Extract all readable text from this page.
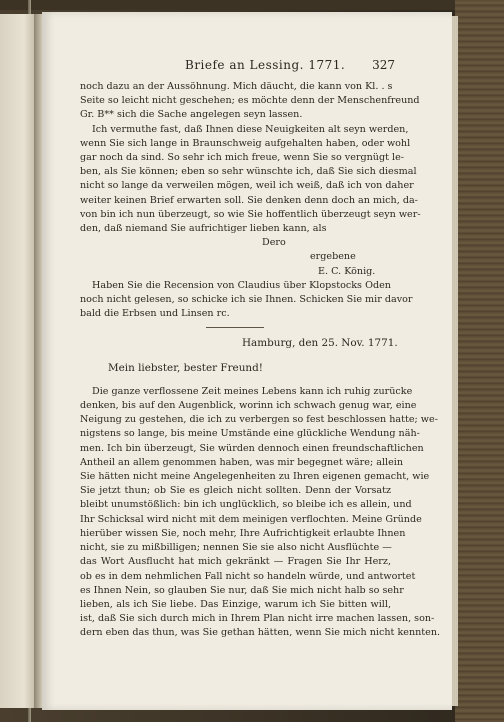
Briefe an Lessing. 1771. 327
noch dazu an der Aussöhnung. Mich däucht, die kann von Kl. . s
Seite so leicht nicht geschehen; es möchte denn der Menschenfreund
Gr. B** sich die Sache angelegen seyn lassen.
Ich vermuthe fast, daß Ihnen diese Neuigkeiten alt seyn werden,
wenn Sie sich lange in Braunschweig aufgehalten haben, oder wohl
gar noch da sind. So sehr ich mich freue, wenn Sie so vergnügt le-
ben, als Sie können; eben so sehr wünschte ich, daß Sie sich diesmal
nicht so lange da verweilen mögen, weil ich weiß, daß ich von daher
weiter keinen Brief erwarten soll. Sie denken denn doch an mich, da-
von bin ich nun überzeugt, so wie Sie hoffentlich überzeugt seyn wer-
den, daß niemand Sie aufrichtiger lieben kann, als
Dero
ergebene
E. C. König.
Haben Sie die Recension von Claudius über Klopstocks Oden
noch nicht gelesen, so schicke ich sie Ihnen. Schicken Sie mir davor
bald die Erbsen und Linsen rc.
Hamburg, den 25. Nov. 1771.
Mein liebster, bester Freund!
Die ganze verflossene Zeit meines Lebens kann ich ruhig zurücke
denken, bis auf den Augenblick, worinn ich schwach genug war, eine
Neigung zu gestehen, die ich zu verbergen so fest beschlossen hatte; we-
nigstens so lange, bis meine Umstände eine glückliche Wendung näh-
men. Ich bin überzeugt, Sie würden dennoch einen freundschaftlichen
Antheil an allem genommen haben, was mir begegnet wäre; allein
Sie hätten nicht meine Angelegenheiten zu Ihren eigenen gemacht, wie
Sie jetzt thun; ob Sie es gleich nicht sollten. Denn der Vorsatz
bleibt unumstößlich: bin ich unglücklich, so bleibe ich es allein, und
Ihr Schicksal wird nicht mit dem meinigen verflochten. Meine Gründe
hierüber wissen Sie, noch mehr, Ihre Aufrichtigkeit erlaubte Ihnen
nicht, sie zu mißbilligen; nennen Sie sie also nicht Ausflüchte —
das Wort Ausflucht hat mich gekränkt — Fragen Sie Ihr Herz,
ob es in dem nehmlichen Fall nicht so handeln würde, und antwortet
es Ihnen Nein, so glauben Sie nur, daß Sie mich nicht halb so sehr
lieben, als ich Sie liebe. Das Einzige, warum ich Sie bitten will,
ist, daß Sie sich durch mich in Ihrem Plan nicht irre machen lassen, son-
dern eben das thun, was Sie gethan hätten, wenn Sie mich nicht kennten.
